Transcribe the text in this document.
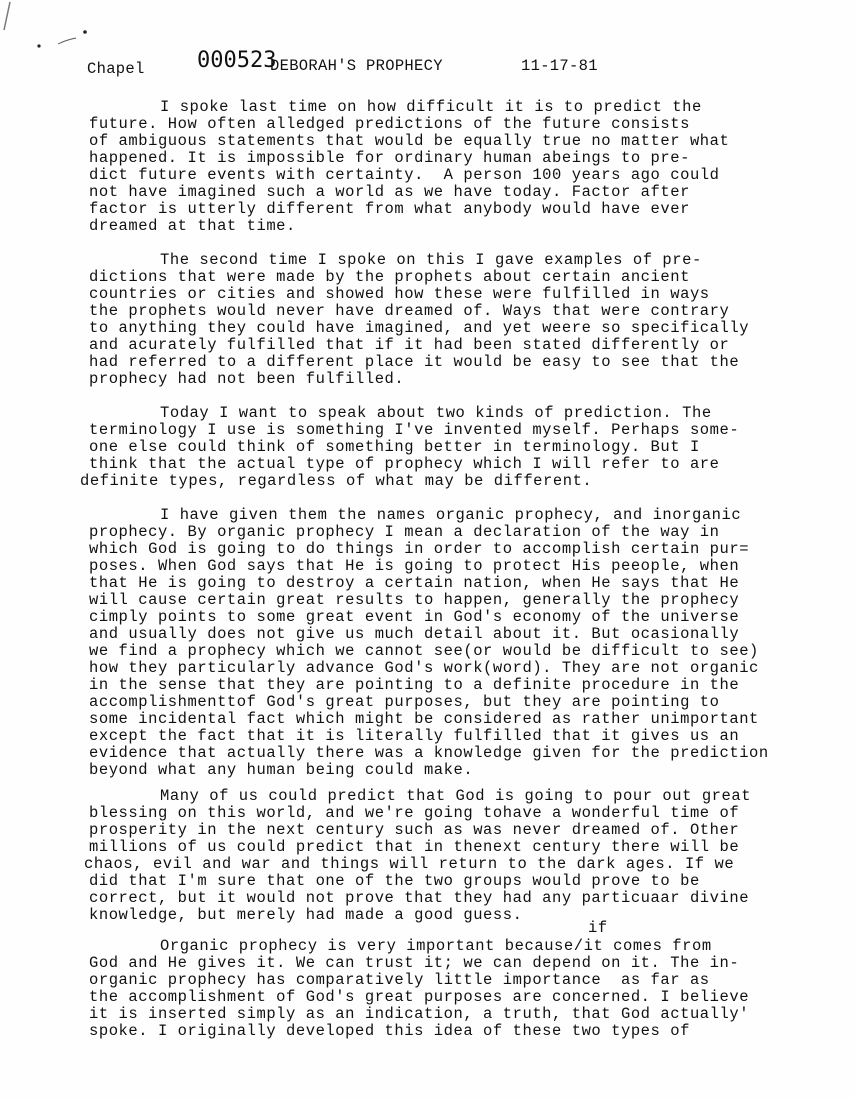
Chapel 000523
DEBORAH'S PROPHECY	11-17-81
I spoke last time on how difficult it is to predict the
future. How often alledged predictions of the future consists
of ambiguous statements that would be equally true no matter what
happened. It is impossible for ordinary human abeings to pre-
dict future events with certainty.  A person 100 years ago could
not have imagined such a world as we have today. Factor after
factor is utterly different from what anybody would have ever
dreamed at that time.
The second time I spoke on this I gave examples of pre-
dictions that were made by the prophets about certain ancient
countries or cities and showed how these were fulfilled in ways
the prophets would never have dreamed of. Ways that were contrary
to anything they could have imagined, and yet weere so specifically
and acurately fulfilled that if it had been stated differently or
had referred to a different place it would be easy to see that the
prophecy had not been fulfilled.
Today I want to speak about two kinds of prediction. The
terminology I use is something I've invented myself. Perhaps some-
one else could think of something better in terminology. But I
think that the actual type of prophecy which I will refer to are
definite types, regardless of what may be different.
I have given them the names organic prophecy, and inorganic
prophecy. By organic prophecy I mean a declaration of the way in
which God is going to do things in order to accomplish certain pur=
poses. When God says that He is going to protect His peeople, when
that He is going to destroy a certain nation, when He says that He
will cause certain great results to happen, generally the prophecy
cimply points to some great event in God's economy of the universe
and usually does not give us much detail about it. But ocasionally
we find a prophecy which we cannot see(or would be difficult to see)
how they particularly advance God's work(word). They are not organic
in the sense that they are pointing to a definite procedure in the
accomplishmenttof God's great purposes, but they are pointing to
some incidental fact which might be considered as rather unimportant
except the fact that it is literally fulfilled that it gives us an
evidence that actually there was a knowledge given for the prediction
beyond what any human being could make.
Many of us could predict that God is going to pour out great
blessing on this world, and we're going tohave a wonderful time of
prosperity in the next century such as was never dreamed of. Other
millions of us could predict that in thenext century there will be
chaos, evil and war and things will return to the dark ages. If we
did that I'm sure that one of the two groups would prove to be
correct, but it would not prove that they had any particuaar divine
knowledge, but merely had made a good guess.
if
Organic prophecy is very important because/it comes from
God and He gives it. We can trust it; we can depend on it. The in-
organic prophecy has comparatively little importance  as far as
the accomplishment of God's great purposes are concerned. I believe
it is inserted simply as an indication, a truth, that God actually'
spoke. I originally developed this idea of these two types of
